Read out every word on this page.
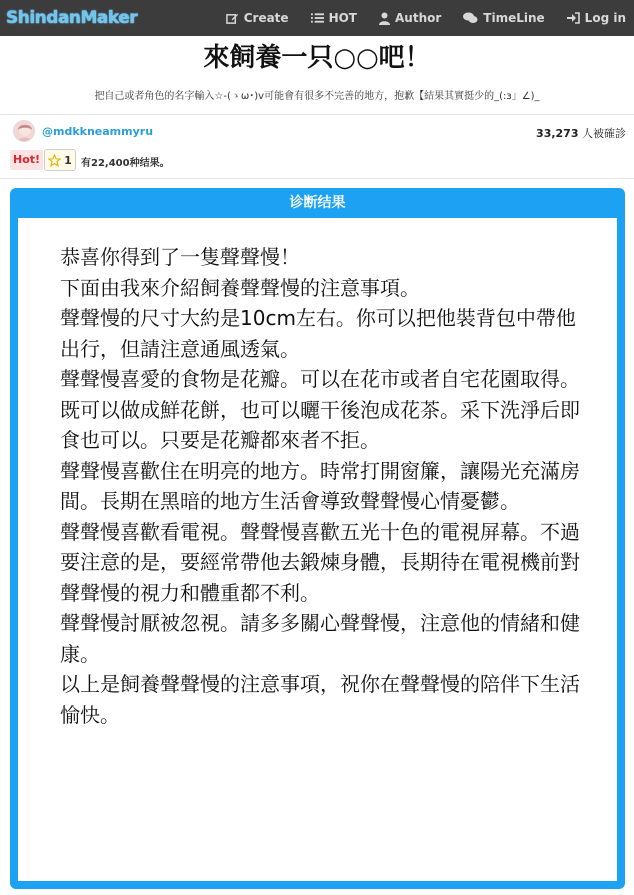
ShindanMaker	Create	HOT	Author	TimeLine	Log in
來飼養一只○○吧！
把自己或者角色的名字輸入☆-(ゝω･)v可能會有很多不完善的地方，抱歉【結果其實挺少的_(:з」∠)_
@mdkkneammyru	33,273 人被確診
Hot! 1 有22,400种结果。
诊断结果
恭喜你得到了一隻聲聲慢！
下面由我來介紹飼養聲聲慢的注意事項。
聲聲慢的尺寸大約是10cm左右。你可以把他裝背包中帶他出行，但請注意通風透氣。
聲聲慢喜愛的食物是花瓣。可以在花市或者自宅花園取得。既可以做成鮮花餅，也可以曬干後泡成花茶。采下洗淨后即食也可以。只要是花瓣都來者不拒。
聲聲慢喜歡住在明亮的地方。時常打開窗簾，讓陽光充滿房間。長期在黑暗的地方生活會導致聲聲慢心情憂鬱。
聲聲慢喜歡看電視。聲聲慢喜歡五光十色的電視屏幕。不過要注意的是，要經常帶他去鍛煉身體，長期待在電視機前對聲聲慢的視力和體重都不利。
聲聲慢討厭被忽視。請多多關心聲聲慢，注意他的情緒和健康。
以上是飼養聲聲慢的注意事項，祝你在聲聲慢的陪伴下生活愉快。
